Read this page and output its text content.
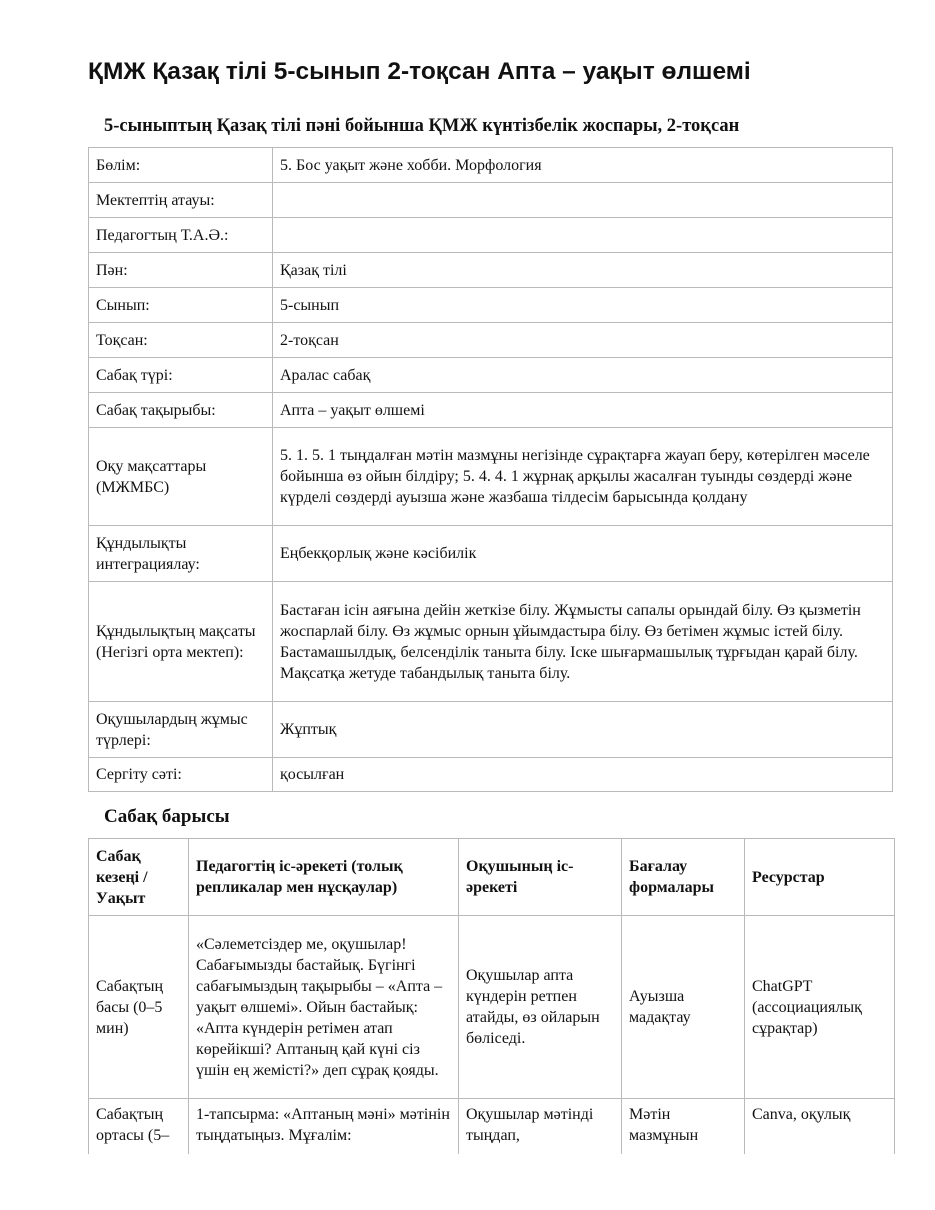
ҚМЖ Қазақ тілі 5-сынып 2-тоқсан Апта – уақыт өлшемі
5-сыныптың Қазақ тілі пәні бойынша ҚМЖ күнтізбелік жоспары, 2-тоқсан
Бөлім:	5. Бос уақыт және хобби. Морфология
Мектептің атауы:	
Педагогтың Т.А.Ә.:	
Пән:	Қазақ тілі
Сынып:	5-сынып
Тоқсан:	2-тоқсан
Сабақ түрі:	Аралас сабақ
Сабақ тақырыбы:	Апта – уақыт өлшемі
Оқу мақсаттары (МЖМБС)	5. 1. 5. 1 тыңдалған мәтін мазмұны негізінде сұрақтарға жауап беру, көтерілген мәселе бойынша өз ойын білдіру; 5. 4. 4. 1 жұрнақ арқылы жасалған туынды сөздерді және күрделі сөздерді ауызша және жазбаша тілдесім барысында қолдану
Құндылықты интеграциялау:	Еңбекқорлық және кәсібилік
Құндылықтың мақсаты (Негізгі орта мектеп):	Бастаған ісін аяғына дейін жеткізе білу. Жұмысты сапалы орындай білу. Өз қызметін жоспарлай білу. Өз жұмыс орнын ұйымдастыра білу. Өз бетімен жұмыс істей білу. Бастамашылдық, белсенділік таныта білу. Іске шығармашылық тұрғыдан қарай білу. Мақсатқа жетуде табандылық таныта білу.
Оқушылардың жұмыс түрлері:	Жұптық
Сергіту сәті:	қосылған
Сабақ барысы
Сабақ кезеңі / Уақыт	Педагогтің іс-әрекеті (толық репликалар мен нұсқаулар)	Оқушының іс-әрекеті	Бағалау формалары	Ресурстар
Сабақтың басы (0–5 мин)	«Сәлеметсіздер ме, оқушылар! Сабағымызды бастайық. Бүгінгі сабағымыздың тақырыбы – «Апта – уақыт өлшемі». Ойын бастайық: «Апта күндерін ретімен атап көрейікші? Аптаның қай күні сіз үшін ең жемісті?» деп сұрақ қояды.	Оқушылар апта күндерін ретпен атайды, өз ойларын бөліседі.	Ауызша мадақтау	ChatGPT (ассоциациялық сұрақтар)
Сабақтың ортасы (5–	1-тапсырма: «Аптаның мәні» мәтінін тыңдатыңыз. Мұғалім:	Оқушылар мәтінді тыңдап,	Мәтін мазмұнын	Canva, оқулық
